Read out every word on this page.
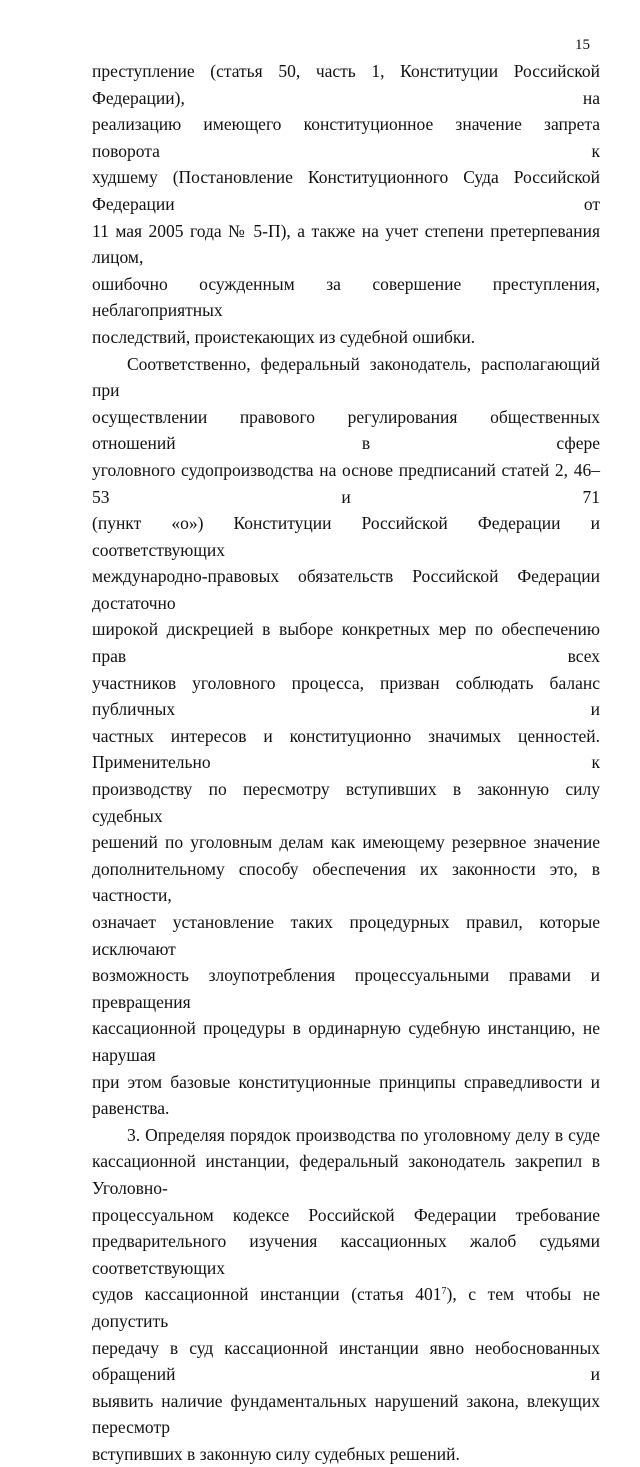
15

преступление (статья 50, часть 1, Конституции Российской Федерации), на
реализацию имеющего конституционное значение запрета поворота к
худшему (Постановление Конституционного Суда Российской Федерации от
11 мая 2005 года № 5-П), а также на учет степени претерпевания лицом,
ошибочно осужденным за совершение преступления, неблагоприятных

последствий, проистекающих из судебной ошибки.

Соответственно, федеральный законодатель, располагающий при

осуществлении правового регулирования общественных отношений в сфере
уголовного судопроизводства на основе предписаний статей 2, 46–53 и 71
(пункт «о») Конституции Российской Федерации и соответствующих
международно-правовых обязательств Российской Федерации достаточно
широкой дискрецией в выборе конкретных мер по обеспечению прав всех
участников уголовного процесса, призван соблюдать баланс публичных и
частных интересов и конституционно значимых ценностей. Применительно к
производству по пересмотру вступивших в законную силу судебных
решений по уголовным делам как имеющему резервное значение
дополнительному способу обеспечения их законности это, в частности,
означает установление таких процедурных правил, которые исключают
возможность злоупотребления процессуальными правами и превращения
кассационной процедуры в ординарную судебную инстанцию, не нарушая

при этом базовые конституционные принципы справедливости и равенства.

3. Определяя порядок производства по уголовному делу в суде

кассационной инстанции, федеральный законодатель закрепил в Уголовно-
процессуальном кодексе Российской Федерации требование
предварительного изучения кассационных жалоб судьями соответствующих
судов кассационной инстанции (статья $401^7$), с тем чтобы не допустить
передачу в суд кассационной инстанции явно необоснованных обращений и
выявить наличие фундаментальных нарушений закона, влекущих пересмотр

вступивших в законную силу судебных решений.
